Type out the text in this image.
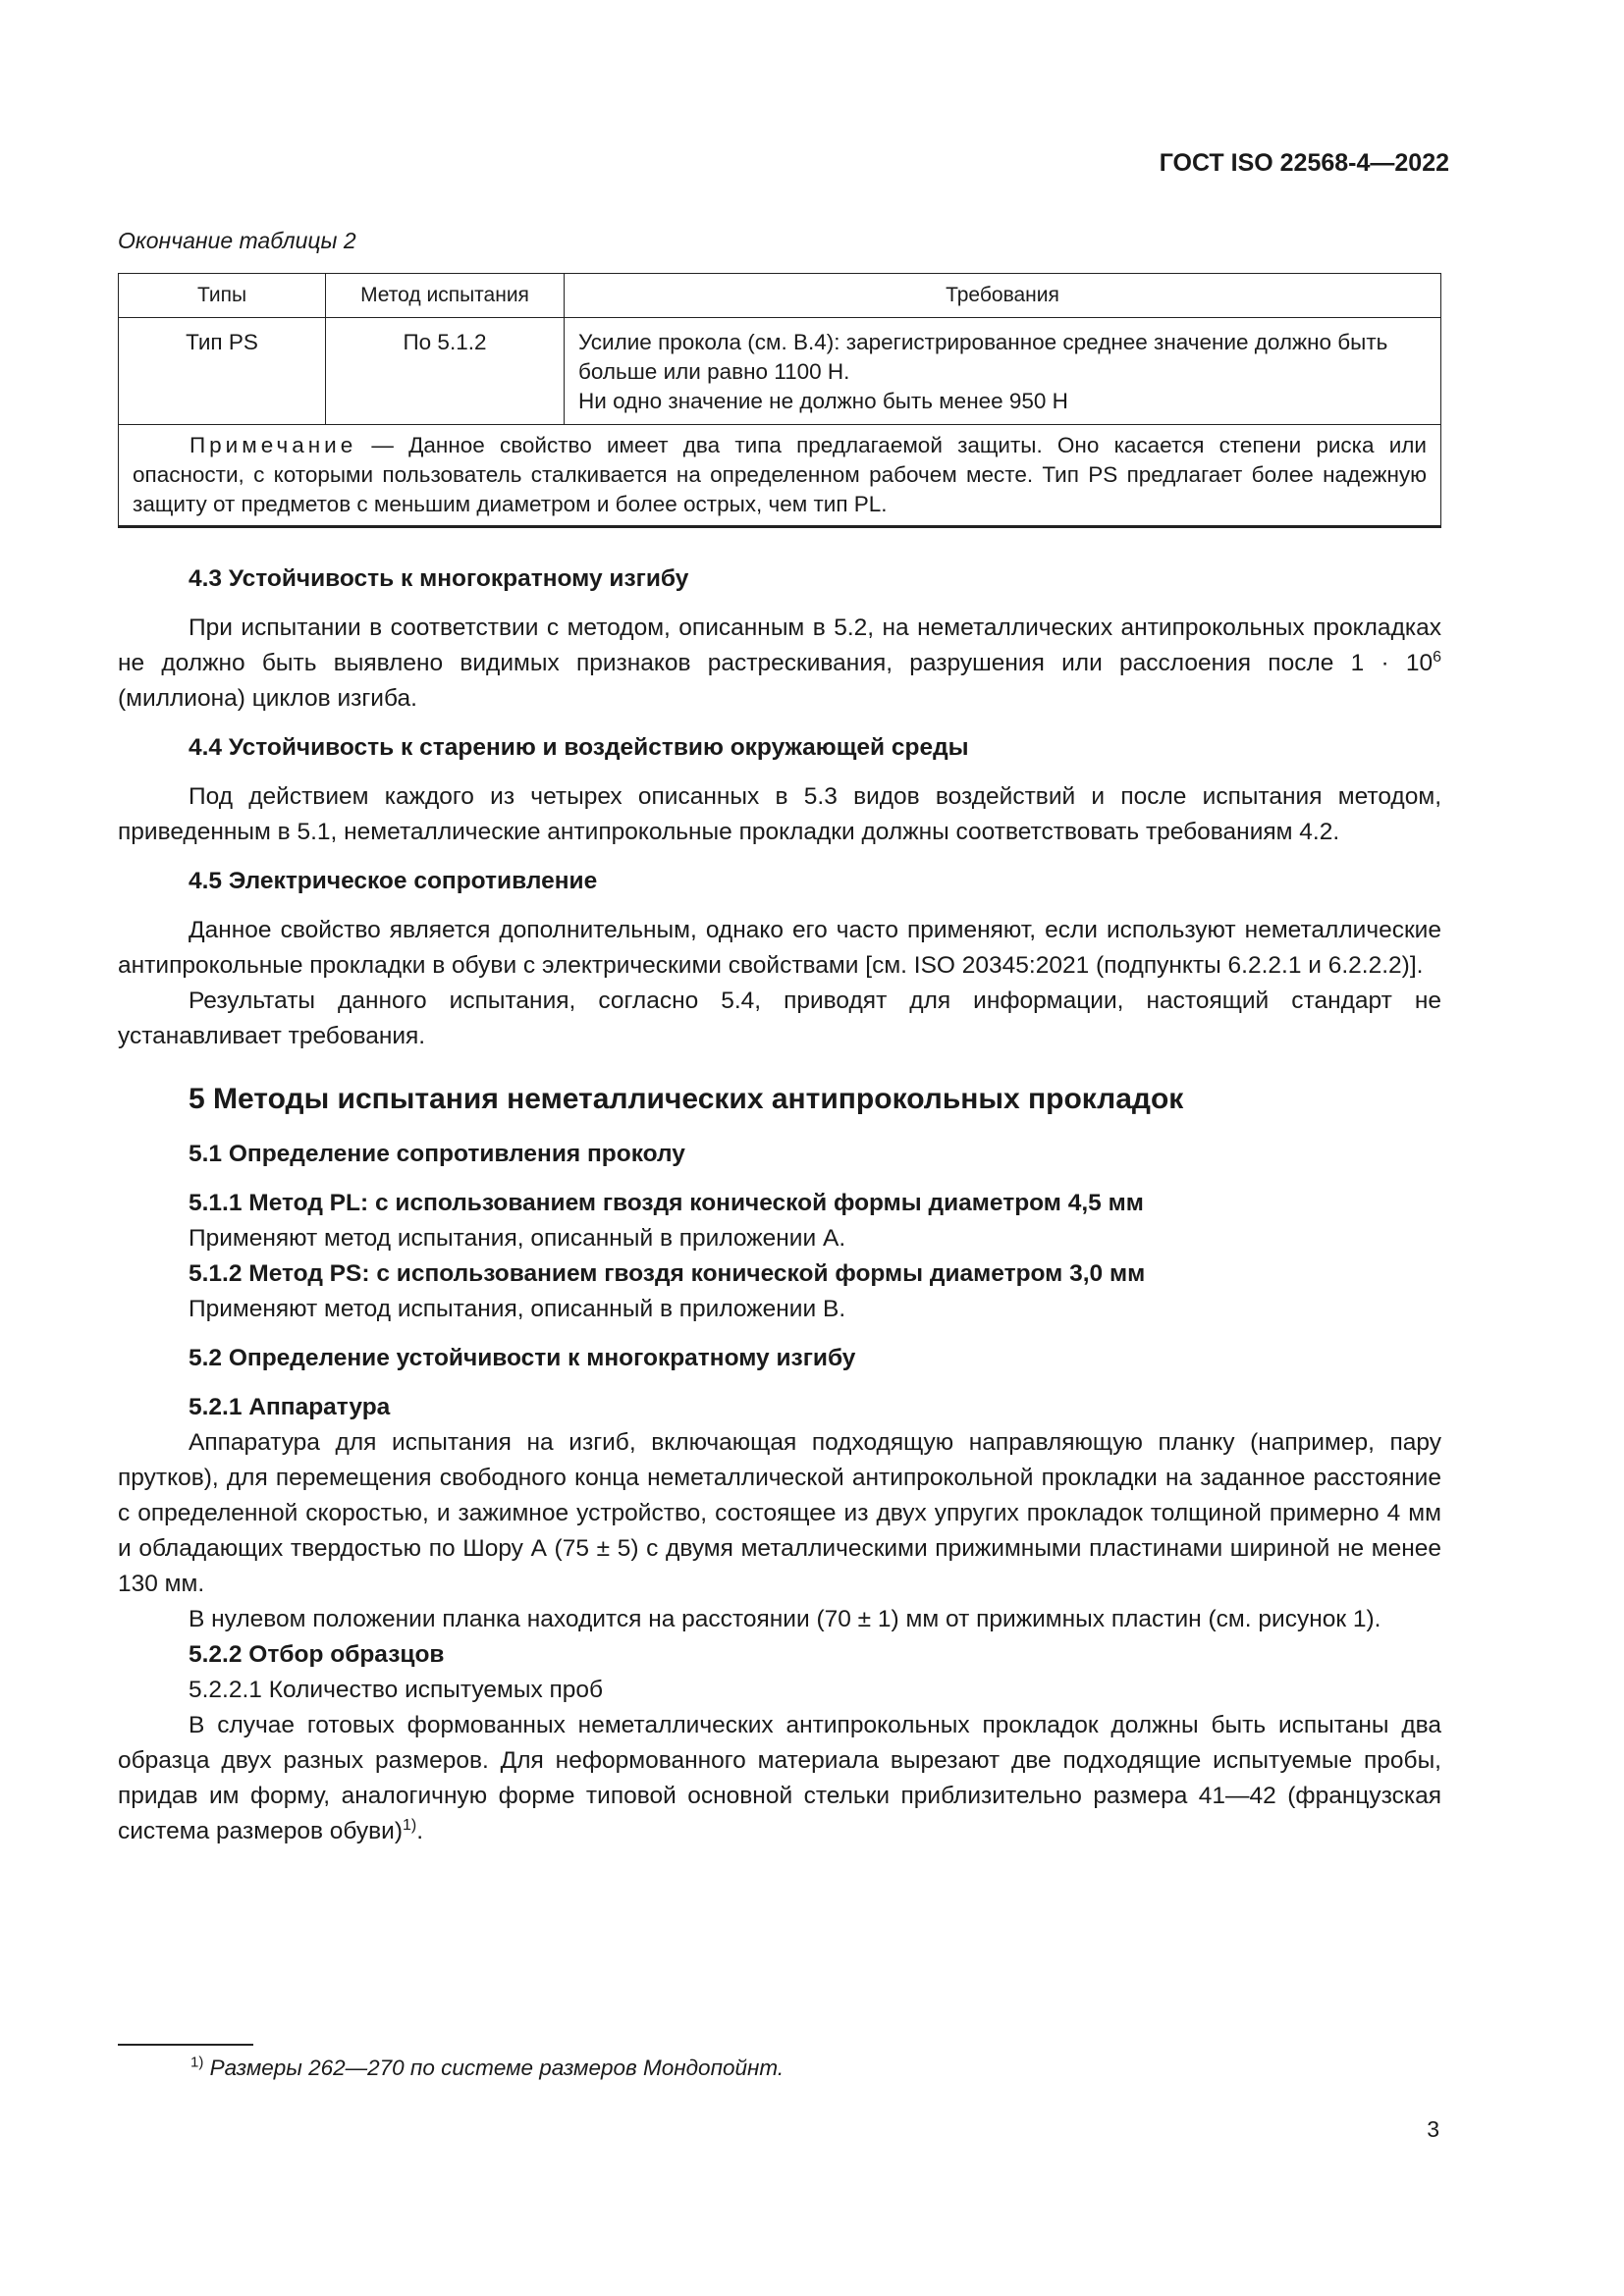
ГОСТ ISO 22568-4—2022
Окончание таблицы 2
Типы	Метод испытания	Требования
Тип PS	По 5.1.2	Усилие прокола (см. В.4): зарегистрированное среднее значение должно быть больше или равно 1100 Н.
Ни одно значение не должно быть менее 950 Н

Примечание — Данное свойство имеет два типа предлагаемой защиты. Оно касается степени риска или опасности, с которыми пользователь сталкивается на определенном рабочем месте. Тип PS предлагает более надежную защиту от предметов с меньшим диаметром и более острых, чем тип PL.		

4.3 Устойчивость к многократному изгибу

При испытании в соответствии с методом, описанным в 5.2, на неметаллических антипрокольных прокладках не должно быть выявлено видимых признаков растрескивания, разрушения или расслоения после $1 \cdot 10^6$ (миллиона) циклов изгиба.

4.4 Устойчивость к старению и воздействию окружающей среды

Под действием каждого из четырех описанных в 5.3 видов воздействий и после испытания методом, приведенным в 5.1, неметаллические антипрокольные прокладки должны соответствовать требованиям 4.2.

4.5 Электрическое сопротивление

Данное свойство является дополнительным, однако его часто применяют, если используют неметаллические антипрокольные прокладки в обуви с электрическими свойствами [см. ISO 20345:2021 (подпункты 6.2.2.1 и 6.2.2.2)].

Результаты данного испытания, согласно 5.4, приводят для информации, настоящий стандарт не устанавливает требования.

5 Методы испытания неметаллических антипрокольных прокладок

5.1 Определение сопротивления проколу

5.1.1 Метод PL: с использованием гвоздя конической формы диаметром 4,5 мм

Применяют метод испытания, описанный в приложении А.

5.1.2 Метод PS: с использованием гвоздя конической формы диаметром 3,0 мм

Применяют метод испытания, описанный в приложении В.

5.2 Определение устойчивости к многократному изгибу

5.2.1 Аппаратура

Аппаратура для испытания на изгиб, включающая подходящую направляющую планку (например, пару прутков), для перемещения свободного конца неметаллической антипрокольной прокладки на заданное расстояние с определенной скоростью, и зажимное устройство, состоящее из двух упругих прокладок толщиной примерно 4 мм и обладающих твердостью по Шору А (75 ± 5) с двумя металлическими прижимными пластинами шириной не менее 130 мм.

В нулевом положении планка находится на расстоянии (70 ± 1) мм от прижимных пластин (см. рисунок 1).

5.2.2 Отбор образцов

5.2.2.1 Количество испытуемых проб

В случае готовых формованных неметаллических антипрокольных прокладок должны быть испытаны два образца двух разных размеров. Для неформованного материала вырезают две подходящие испытуемые пробы, придав им форму, аналогичную форме типовой основной стельки приблизительно размера 41—42 (французская система размеров обуви)$^{1)}$.

$^{1)}$ Размеры 262—270 по системе размеров Мондопойнт.
3
